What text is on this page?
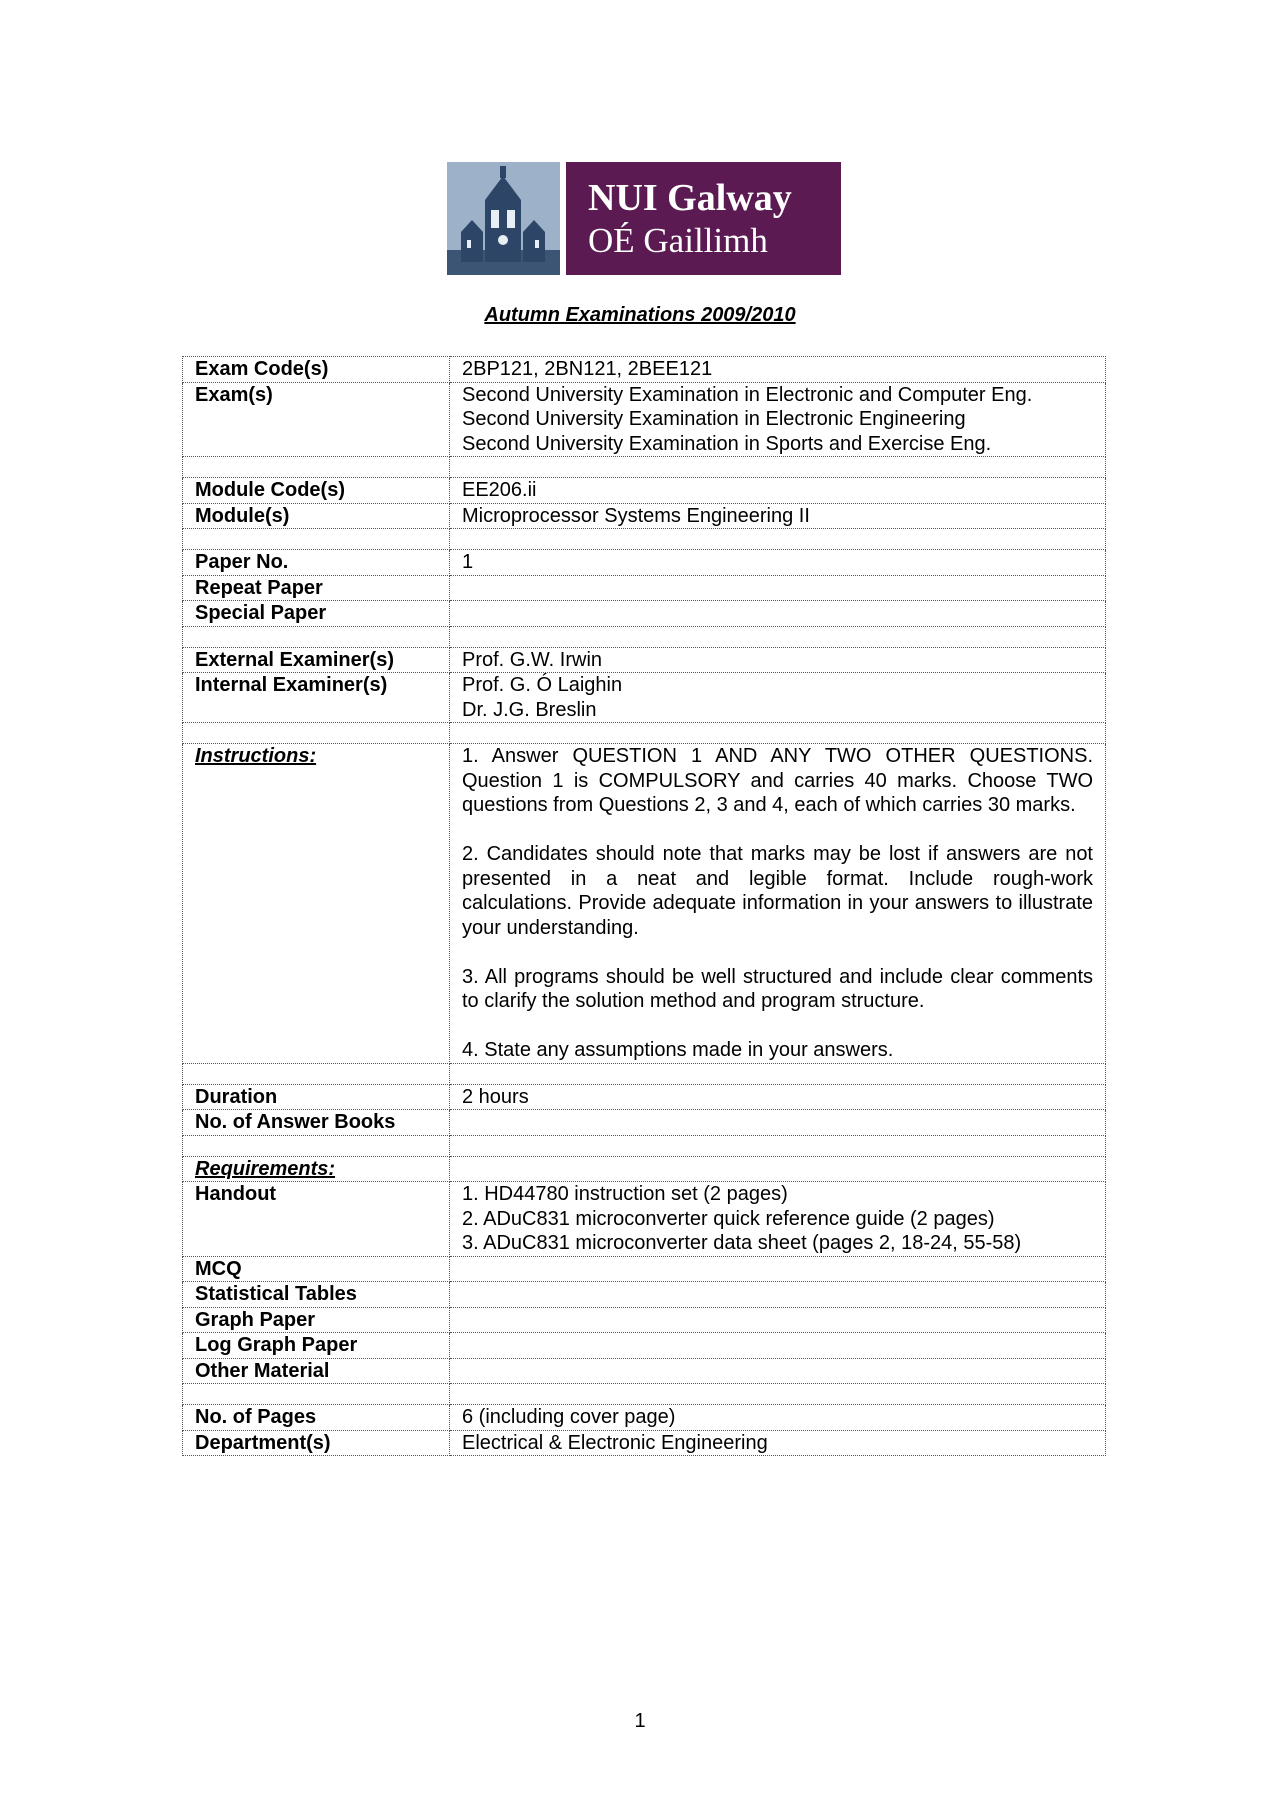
NUI Galway
OÉ Gaillimh
Autumn Examinations 2009/2010
Exam Code(s)	2BP121, 2BN121, 2BEE121
Exam(s)	Second University Examination in Electronic and Computer Eng.
Second University Examination in Electronic Engineering
Second University Examination in Sports and Exercise Eng.

Module Code(s)	EE206.ii
Module(s)	Microprocessor Systems Engineering II

Paper No.	1
Repeat Paper	
Special Paper	

External Examiner(s)	Prof. G.W. Irwin
Internal Examiner(s)	Prof. G. Ó Laighin
Dr. J.G. Breslin

Instructions:	1. Answer QUESTION 1 AND ANY TWO OTHER QUESTIONS. Question 1 is COMPULSORY and carries 40 marks. Choose TWO questions from Questions 2, 3 and 4, each of which carries 30 marks.
2. Candidates should note that marks may be lost if answers are not presented in a neat and legible format. Include rough-work calculations. Provide adequate information in your answers to illustrate your understanding.
3. All programs should be well structured and include clear comments to clarify the solution method and program structure.
4. State any assumptions made in your answers.

Duration	2 hours
No. of Answer Books	

Requirements:	
Handout	1. HD44780 instruction set (2 pages)
2. ADuC831 microconverter quick reference guide (2 pages)
3. ADuC831 microconverter data sheet (pages 2, 18-24, 55-58)

MCQ	
Statistical Tables	
Graph Paper	
Log Graph Paper	
Other Material	

No. of Pages	6 (including cover page)
Department(s)	Electrical & Electronic Engineering
1
